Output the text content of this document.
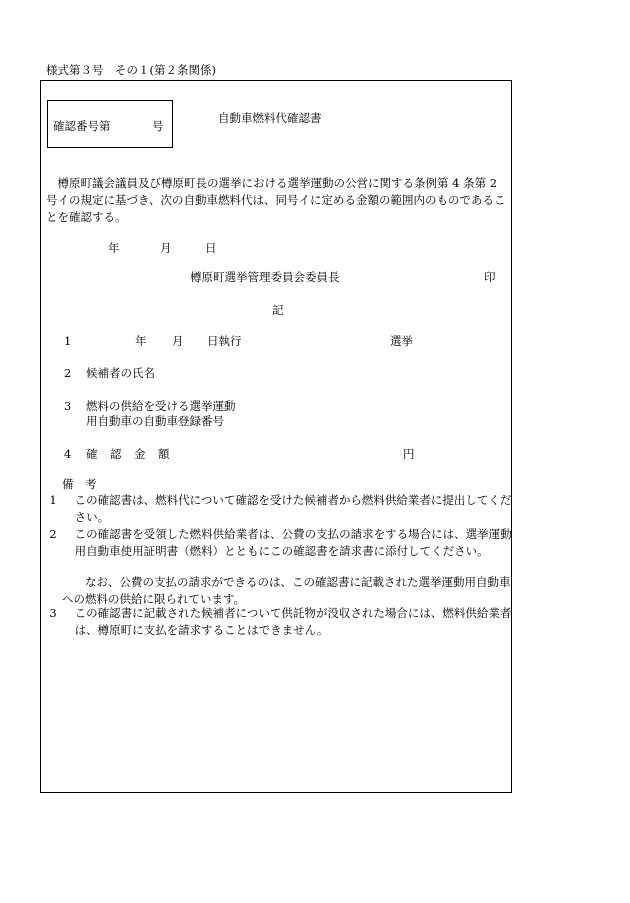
様式第３号　その１(第２条関係)
確認番号第	号
自動車燃料代確認書
樽原町議会議員及び樽原町長の選挙における選挙運動の公営に関する条例第 4 条第 2 号イの規定に基づき、次の自動車燃料代は、同号イに定める金額の範囲内のものであることを確認する。
年	月	日
樽原町選挙管理委員会委員長	印
記
1	年 月 日執行	選挙
2 候補者の氏名
3 燃料の供給を受ける選挙運動
用自動車の自動車登録番号
4 確 認 金 額	円
備　考
1 この確認書は、燃料代について確認を受けた候補者から燃料供給業者に提出してください。
2 この確認書を受領した燃料供給業者は、公費の支払の請求をする場合には、選挙運動用自動車使用証明書（燃料）とともにこの確認書を請求書に添付してください。
なお、公費の支払の請求ができるのは、この確認書に記載された選挙運動用自動車への燃料の供給に限られています。
3 この確認書に記載された候補者について供託物が没収された場合には、燃料供給業者は、樽原町に支払を請求することはできません。
